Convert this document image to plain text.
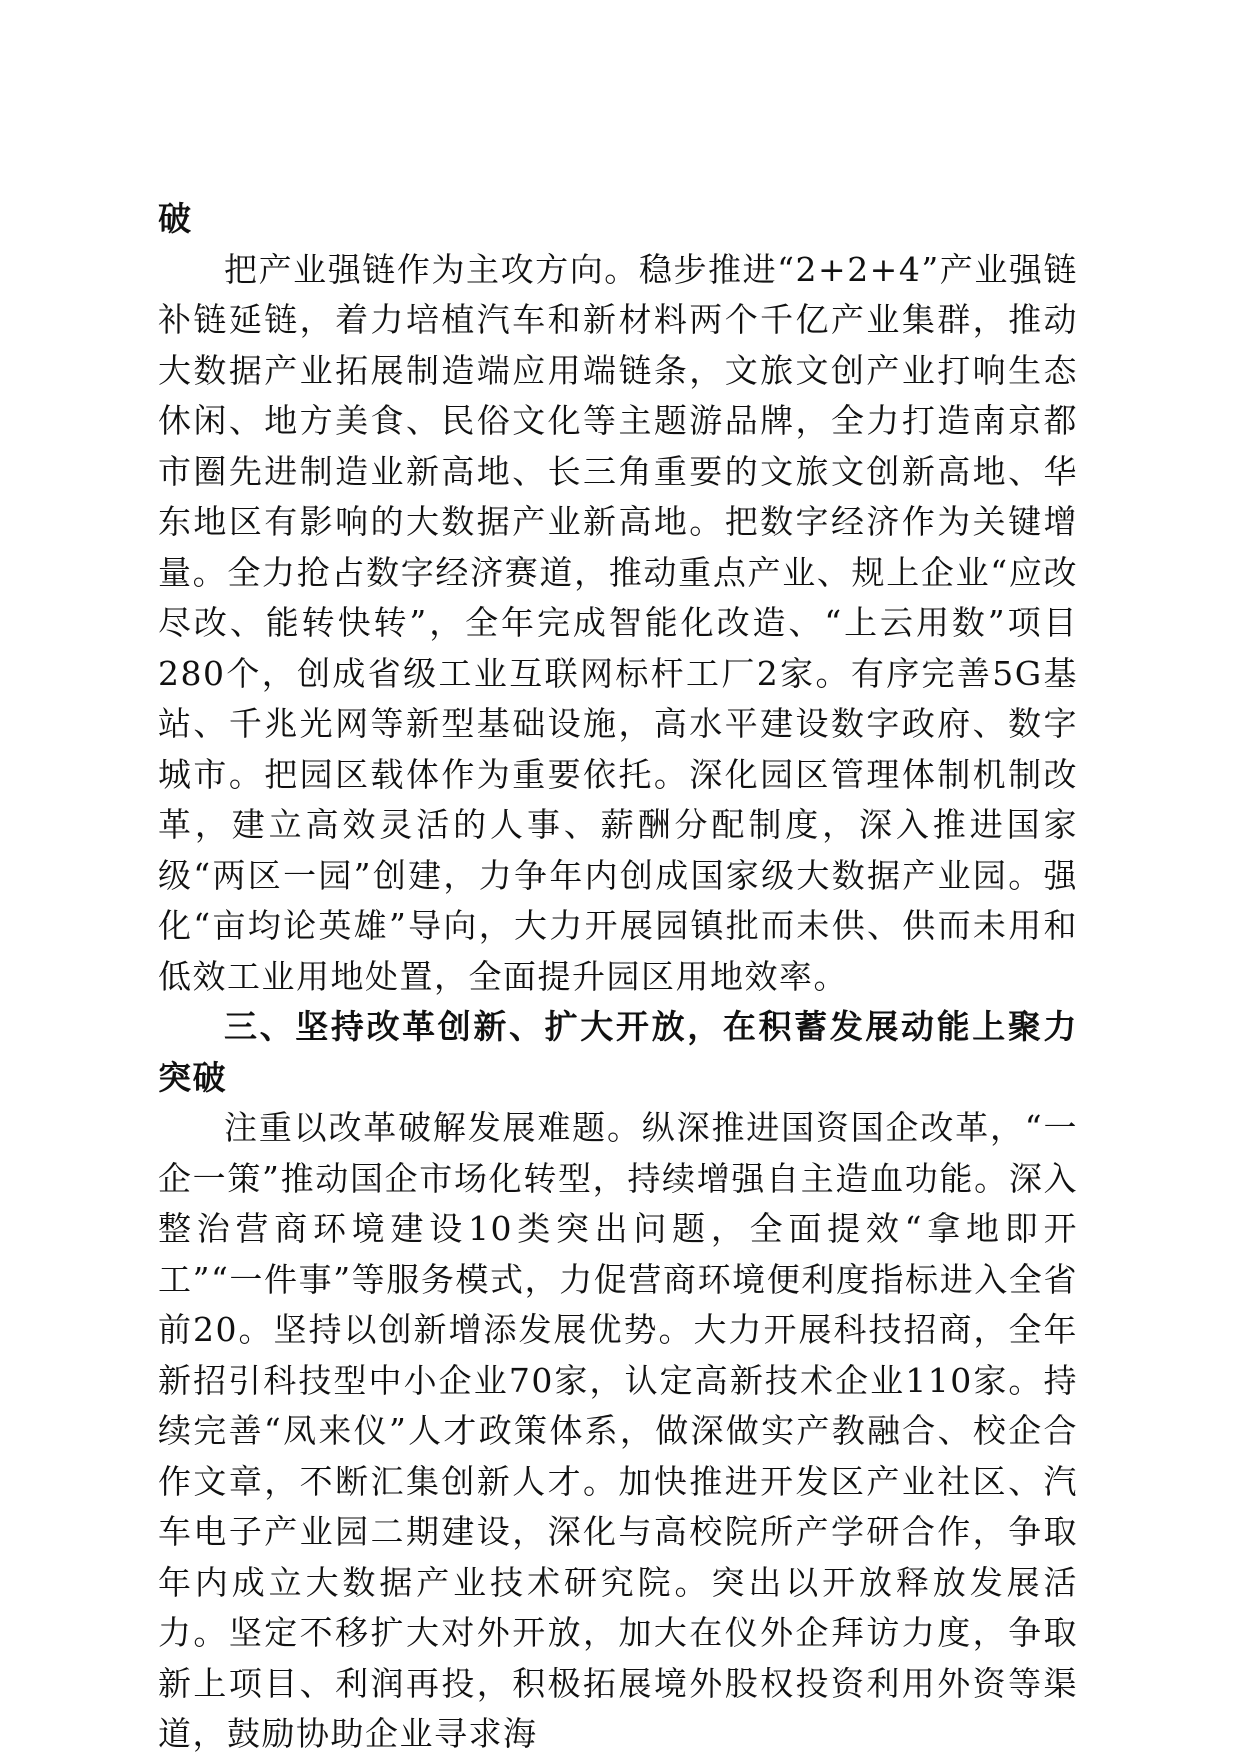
破

把产业强链作为主攻方向。稳步推进“2+2+4”产业强链补链延链，着力培植汽车和新材料两个千亿产业集群，推动大数据产业拓展制造端应用端链条，文旅文创产业打响生态休闲、地方美食、民俗文化等主题游品牌，全力打造南京都市圈先进制造业新高地、长三角重要的文旅文创新高地、华东地区有影响的大数据产业新高地。把数字经济作为关键增量。全力抢占数字经济赛道，推动重点产业、规上企业“应改尽改、能转快转”，全年完成智能化改造、“上云用数”项目280个，创成省级工业互联网标杆工厂2家。有序完善5G基站、千兆光网等新型基础设施，高水平建设数字政府、数字城市。把园区载体作为重要依托。深化园区管理体制机制改革，建立高效灵活的人事、薪酬分配制度，深入推进国家级“两区一园”创建，力争年内创成国家级大数据产业园。强化“亩均论英雄”导向，大力开展园镇批而未供、供而未用和低效工业用地处置，全面提升园区用地效率。

三、坚持改革创新、扩大开放，在积蓄发展动能上聚力突破

注重以改革破解发展难题。纵深推进国资国企改革，“一企一策”推动国企市场化转型，持续增强自主造血功能。深入整治营商环境建设10类突出问题，全面提效“拿地即开工”“一件事”等服务模式，力促营商环境便利度指标进入全省前20。坚持以创新增添发展优势。大力开展科技招商，全年新招引科技型中小企业70家，认定高新技术企业110家。持续完善“凤来仪”人才政策体系，做深做实产教融合、校企合作文章，不断汇集创新人才。加快推进开发区产业社区、汽车电子产业园二期建设，深化与高校院所产学研合作，争取年内成立大数据产业技术研究院。突出以开放释放发展活力。坚定不移扩大对外开放，加大在仪外企拜访力度，争取新上项目、利润再投，积极拓展境外股权投资利用外资等渠道，鼓励协助企业寻求海
